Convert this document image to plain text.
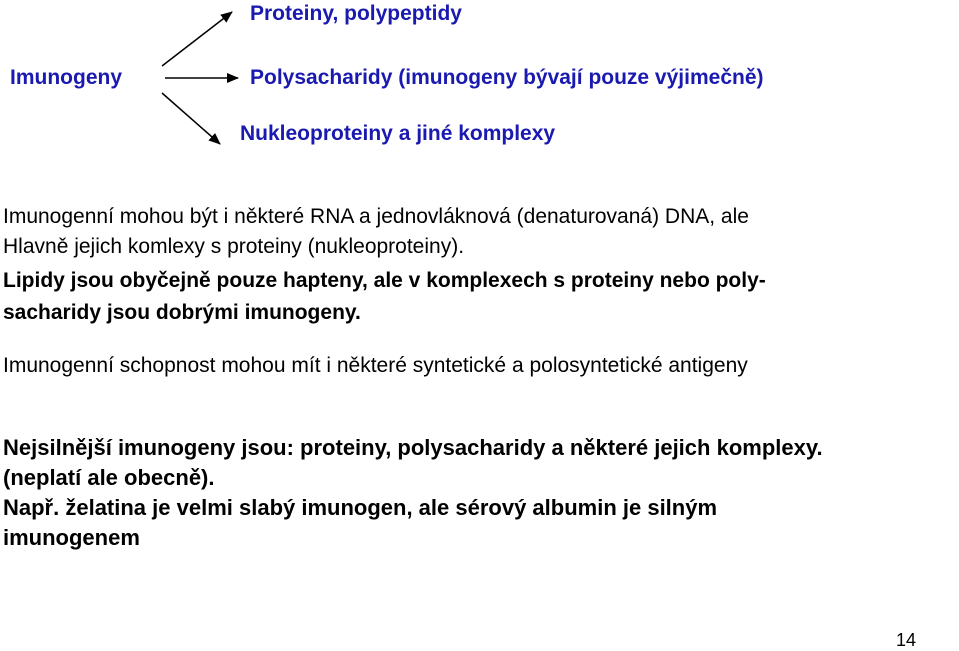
Imunogeny
Proteiny, polypeptidy
Polysacharidy (imunogeny bývají pouze výjimečně)
Nukleoproteiny a jiné komplexy
Imunogenní mohou být i některé RNA a jednovláknová (denaturovaná) DNA, ale
Hlavně jejich komlexy s proteiny (nukleoproteiny).
Lipidy jsou obyčejně pouze hapteny, ale v komplexech s proteiny nebo poly-
sacharidy jsou dobrými imunogeny.
Imunogenní schopnost mohou mít i některé syntetické a polosyntetické antigeny
Nejsilnější imunogeny jsou: proteiny, polysacharidy a některé jejich komplexy.
(neplatí ale obecně).
Např. želatina je velmi slabý imunogen, ale sérový albumin je silným
imunogenem
14
